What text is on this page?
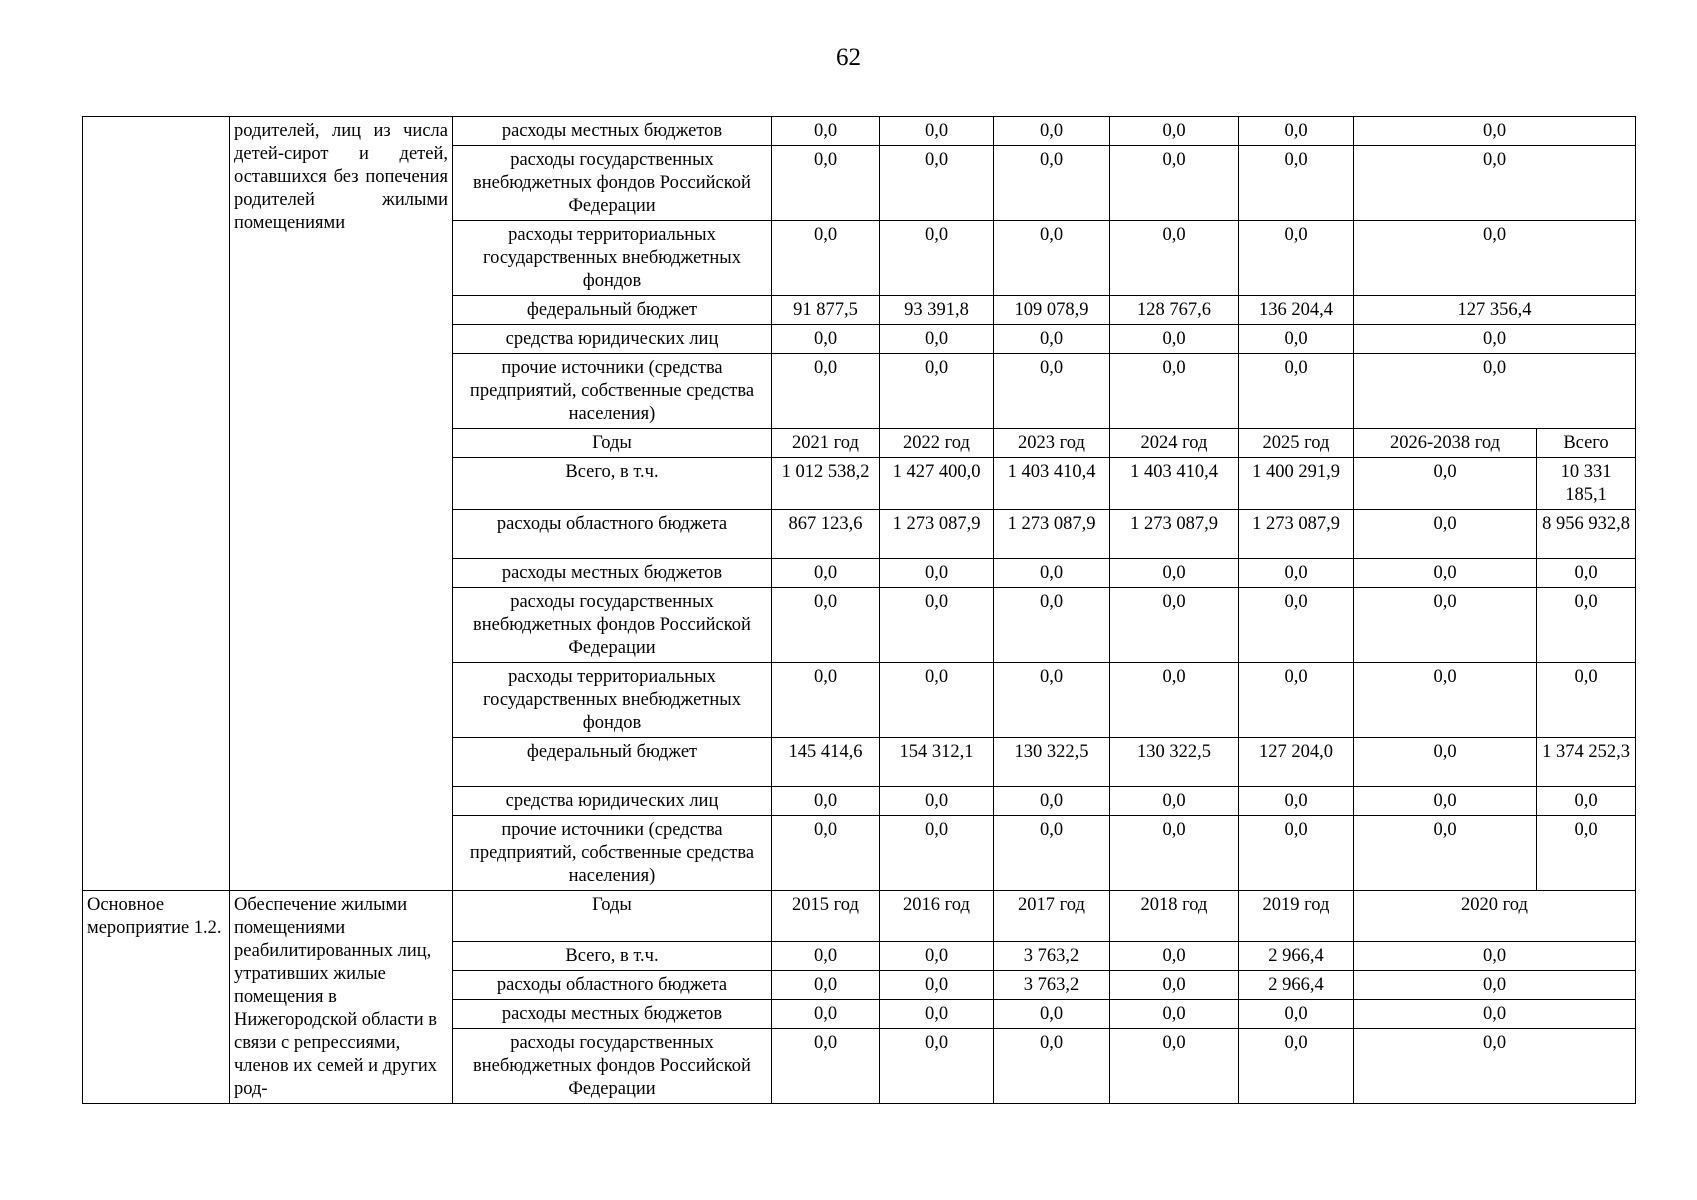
62
	родителей, лиц из числа детей-сирот и детей, оставшихся без попечения родителей жилыми помещениями	расходы местных бюджетов	0,0	0,0	0,0	0,0	0,0	0,0	
		расходы государственных внебюджетных фондов Российской Федерации	0,0	0,0	0,0	0,0	0,0	0,0	
		расходы территориальных государственных внебюджетных фондов	0,0	0,0	0,0	0,0	0,0	0,0	
		федеральный бюджет	91 877,5	93 391,8	109 078,9	128 767,6	136 204,4	127 356,4	
		средства юридических лиц	0,0	0,0	0,0	0,0	0,0	0,0	
		прочие источники (средства предприятий, собственные средства населения)	0,0	0,0	0,0	0,0	0,0	0,0	
		Годы	2021 год	2022 год	2023 год	2024 год	2025 год	2026-2038 год	Всего
		Всего, в т.ч.	1 012 538,2	1 427 400,0	1 403 410,4	1 403 410,4	1 400 291,9	0,0	10 331 185,1
		расходы областного бюджета	867 123,6	1 273 087,9	1 273 087,9	1 273 087,9	1 273 087,9	0,0	8 956 932,8
		расходы местных бюджетов	0,0	0,0	0,0	0,0	0,0	0,0	0,0
		расходы государственных внебюджетных фондов Российской Федерации	0,0	0,0	0,0	0,0	0,0	0,0	0,0
		расходы территориальных государственных внебюджетных фондов	0,0	0,0	0,0	0,0	0,0	0,0	0,0
		федеральный бюджет	145 414,6	154 312,1	130 322,5	130 322,5	127 204,0	0,0	1 374 252,3
		средства юридических лиц	0,0	0,0	0,0	0,0	0,0	0,0	0,0
		прочие источники (средства предприятий, собственные средства населения)	0,0	0,0	0,0	0,0	0,0	0,0	0,0
Основное мероприятие 1.2.	Обеспечение жилыми помещениями реабилитированных лиц, утративших жилые помещения в Нижегородской области в связи с репрессиями, членов их семей и других род-	Годы	2015 год	2016 год	2017 год	2018 год	2019 год	2020 год	
		Всего, в т.ч.	0,0	0,0	3 763,2	0,0	2 966,4	0,0	
		расходы областного бюджета	0,0	0,0	3 763,2	0,0	2 966,4	0,0	
		расходы местных бюджетов	0,0	0,0	0,0	0,0	0,0	0,0	
		расходы государственных внебюджетных фондов Российской Федерации	0,0	0,0	0,0	0,0	0,0	0,0	
